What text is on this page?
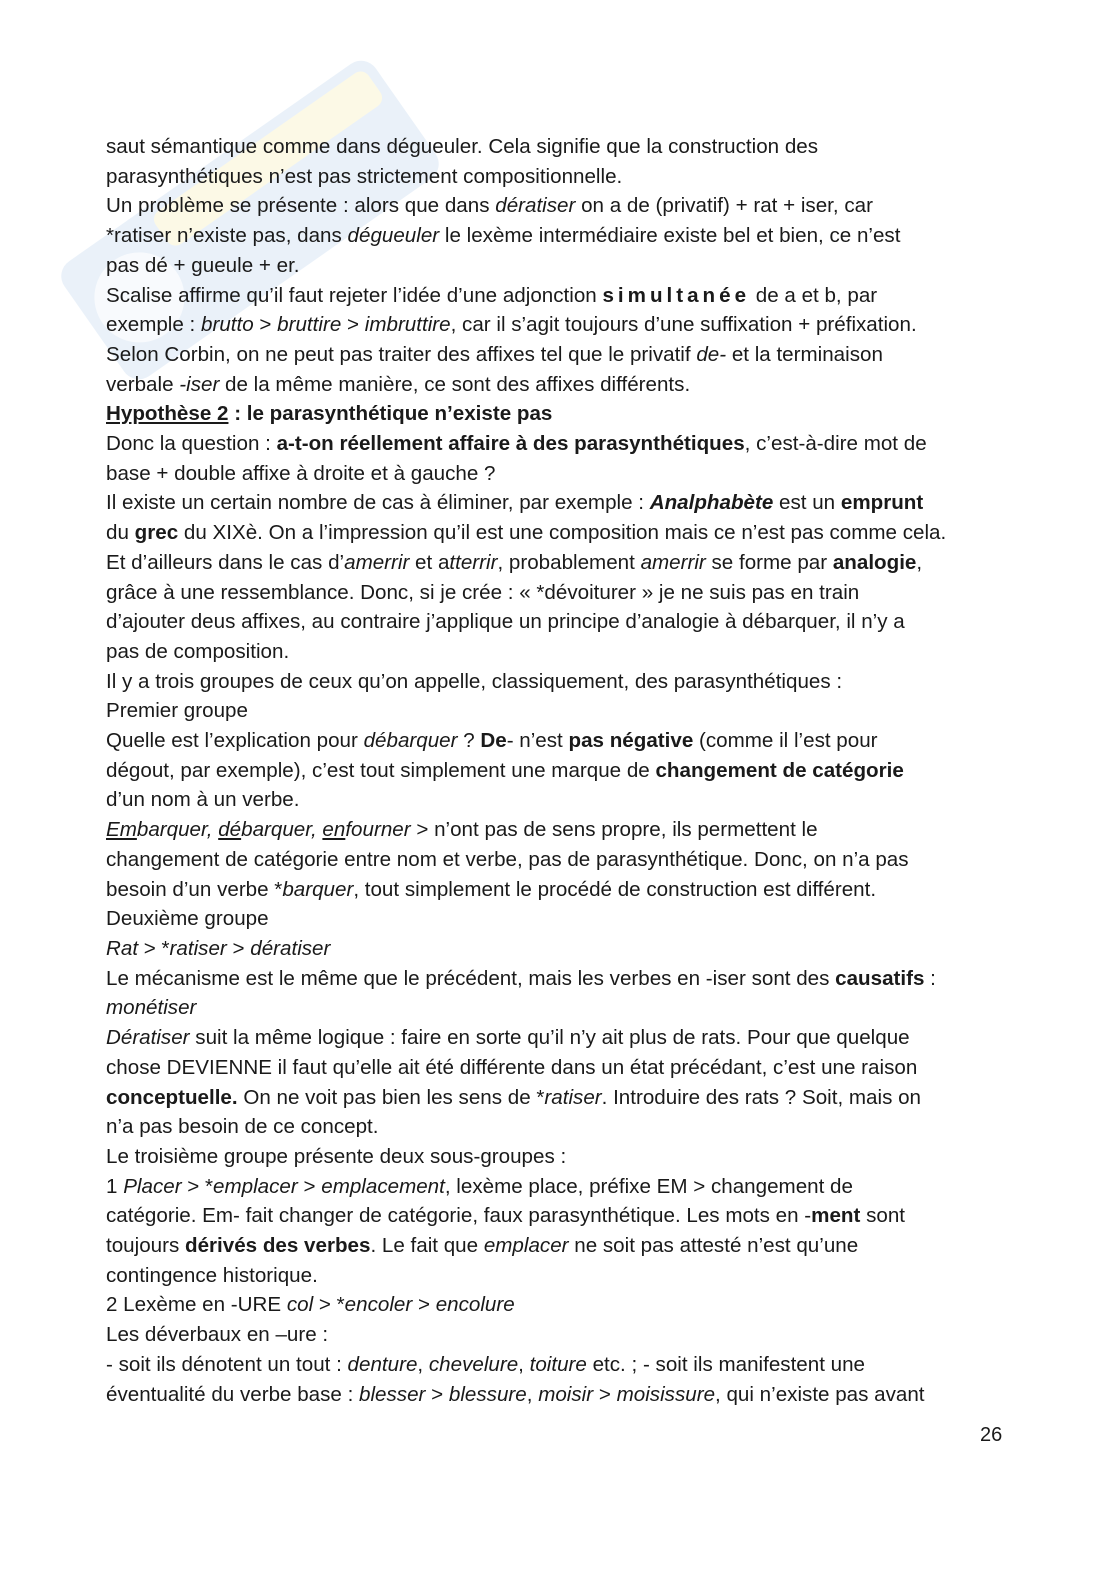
saut sémantique comme dans dégueuler. Cela signifie que la construction des

parasynthétiques n’est pas strictement compositionnelle.

Un problème se présente : alors que dans dératiser on a de (privatif) + rat + iser, car

*ratiser n’existe pas, dans dégueuler le lexème intermédiaire existe bel et bien, ce n’est

pas dé + gueule + er.

Scalise affirme qu’il faut rejeter l’idée d’une adjonction simultanée de a et b, par

exemple : brutto > bruttire > imbruttire, car il s’agit toujours d’une suffixation + préfixation.

Selon Corbin, on ne peut pas traiter des affixes tel que le privatif de- et la terminaison

verbale -iser de la même manière, ce sont des affixes différents.

Hypothèse 2 : le parasynthétique n’existe pas

Donc la question : a-t-on réellement affaire à des parasynthétiques, c’est-à-dire mot de

base + double affixe à droite et à gauche ?

Il existe un certain nombre de cas à éliminer, par exemple : Analphabète est un emprunt

du grec du XIXè. On a l’impression qu’il est une composition mais ce n’est pas comme cela.

Et d’ailleurs dans le cas d’amerrir et atterrir, probablement amerrir se forme par analogie,

grâce à une ressemblance. Donc, si je crée : « *dévoiturer » je ne suis pas en train

d’ajouter deus affixes, au contraire j’applique un principe d’analogie à débarquer, il n’y a

pas de composition.

Il y a trois groupes de ceux qu’on appelle, classiquement, des parasynthétiques :

Premier groupe

Quelle est l’explication pour débarquer ? De- n’est pas négative (comme il l’est pour

dégout, par exemple), c’est tout simplement une marque de changement de catégorie

d’un nom à un verbe.

Embarquer, débarquer, enfourner > n’ont pas de sens propre, ils permettent le

changement de catégorie entre nom et verbe, pas de parasynthétique. Donc, on n’a pas

besoin d’un verbe *barquer, tout simplement le procédé de construction est différent.

Deuxième groupe

Rat > *ratiser > dératiser

Le mécanisme est le même que le précédent, mais les verbes en -iser sont des causatifs :

monétiser

Dératiser suit la même logique : faire en sorte qu’il n’y ait plus de rats. Pour que quelque

chose DEVIENNE il faut qu’elle ait été différente dans un état précédant, c’est une raison

conceptuelle. On ne voit pas bien les sens de *ratiser. Introduire des rats ? Soit, mais on

n’a pas besoin de ce concept.

Le troisième groupe présente deux sous-groupes :

1 Placer > *emplacer > emplacement, lexème place, préfixe EM > changement de

catégorie. Em- fait changer de catégorie, faux parasynthétique. Les mots en -ment sont

toujours dérivés des verbes. Le fait que emplacer ne soit pas attesté n’est qu’une

contingence historique.

2 Lexème en -URE col > *encoler > encolure

Les déverbaux en –ure :

- soit ils dénotent un tout : denture, chevelure, toiture etc. ; - soit ils manifestent une

éventualité du verbe base : blesser > blessure, moisir > moisissure, qui n’existe pas avant

26
